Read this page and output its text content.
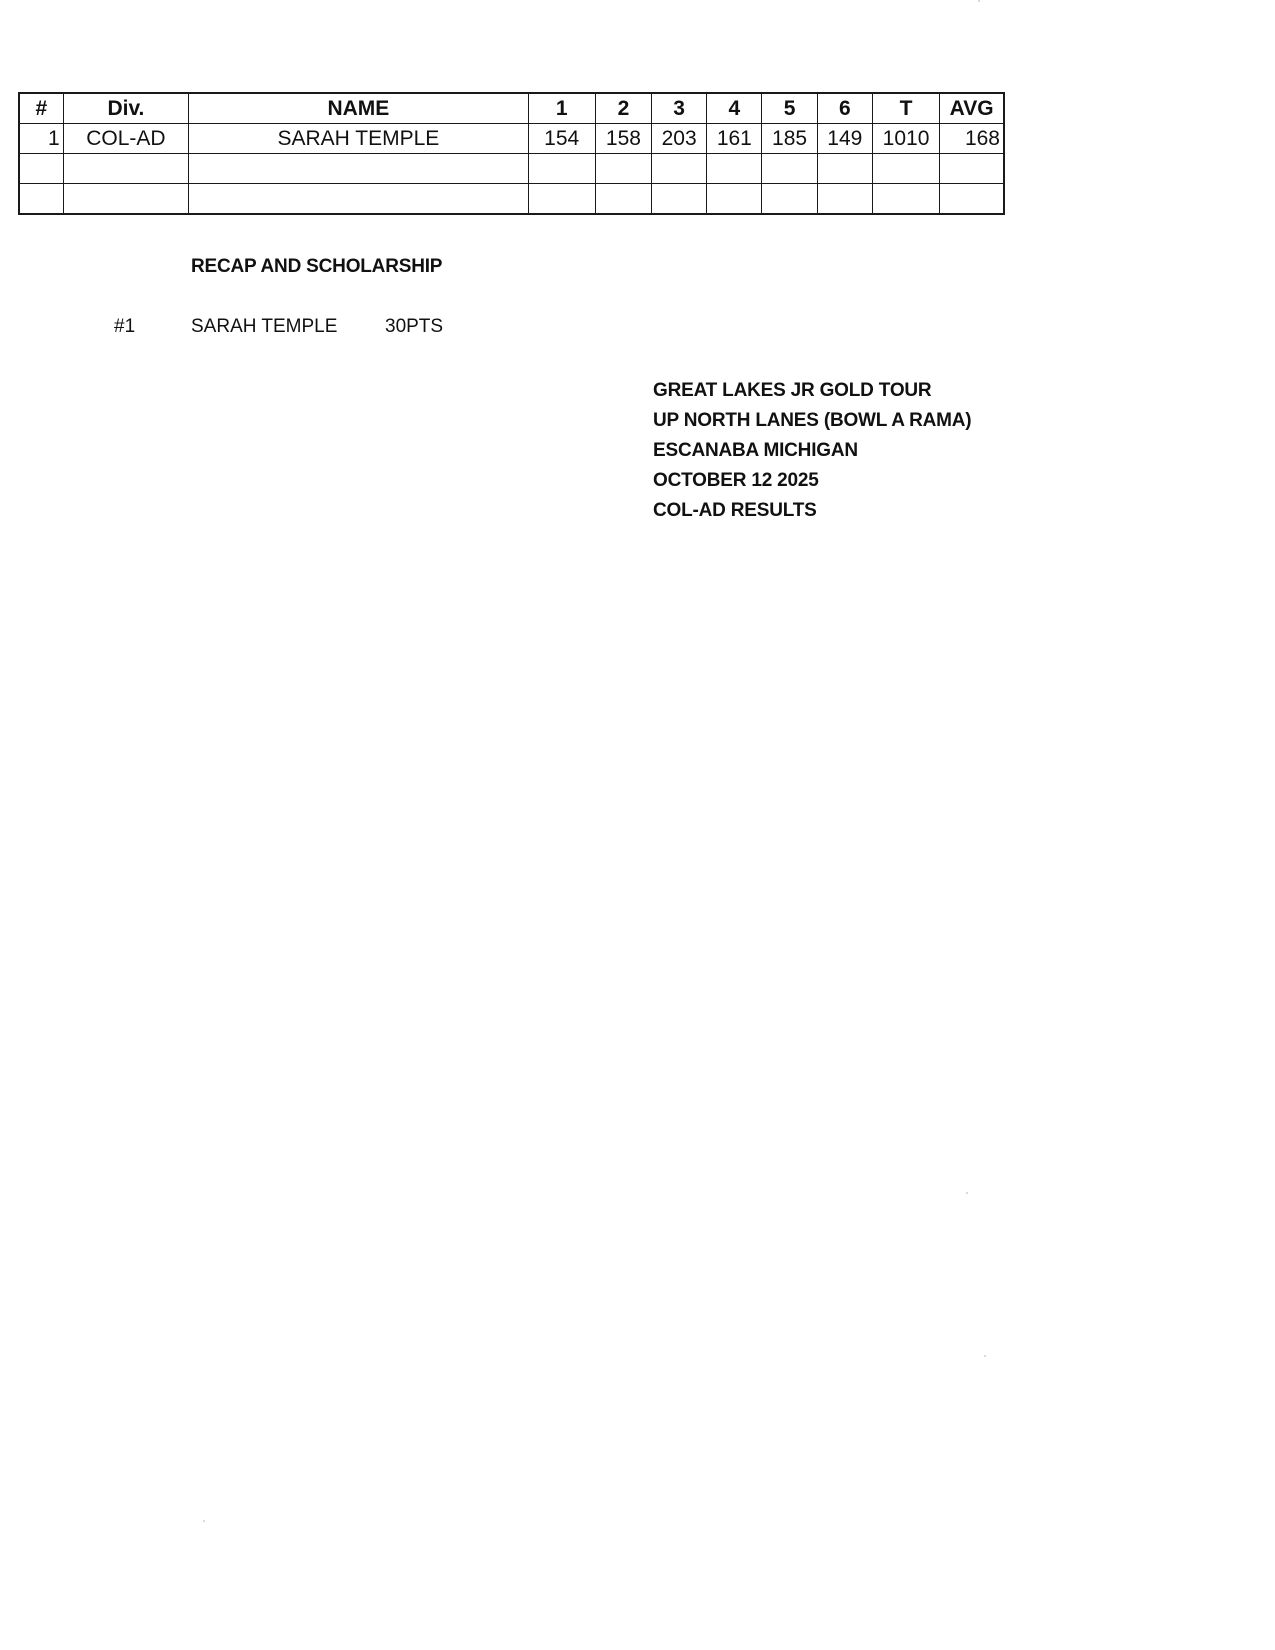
#	Div.	NAME	1	2	3	4	5	6	T	AVG
1	COL-AD	SARAH TEMPLE	154	158	203	161	185	149	1010	168

RECAP AND SCHOLARSHIP
#1	SARAH TEMPLE	30PTS
GREAT LAKES JR GOLD TOUR
UP NORTH LANES (BOWL A RAMA)
ESCANABA MICHIGAN
OCTOBER 12 2025
COL-AD RESULTS
